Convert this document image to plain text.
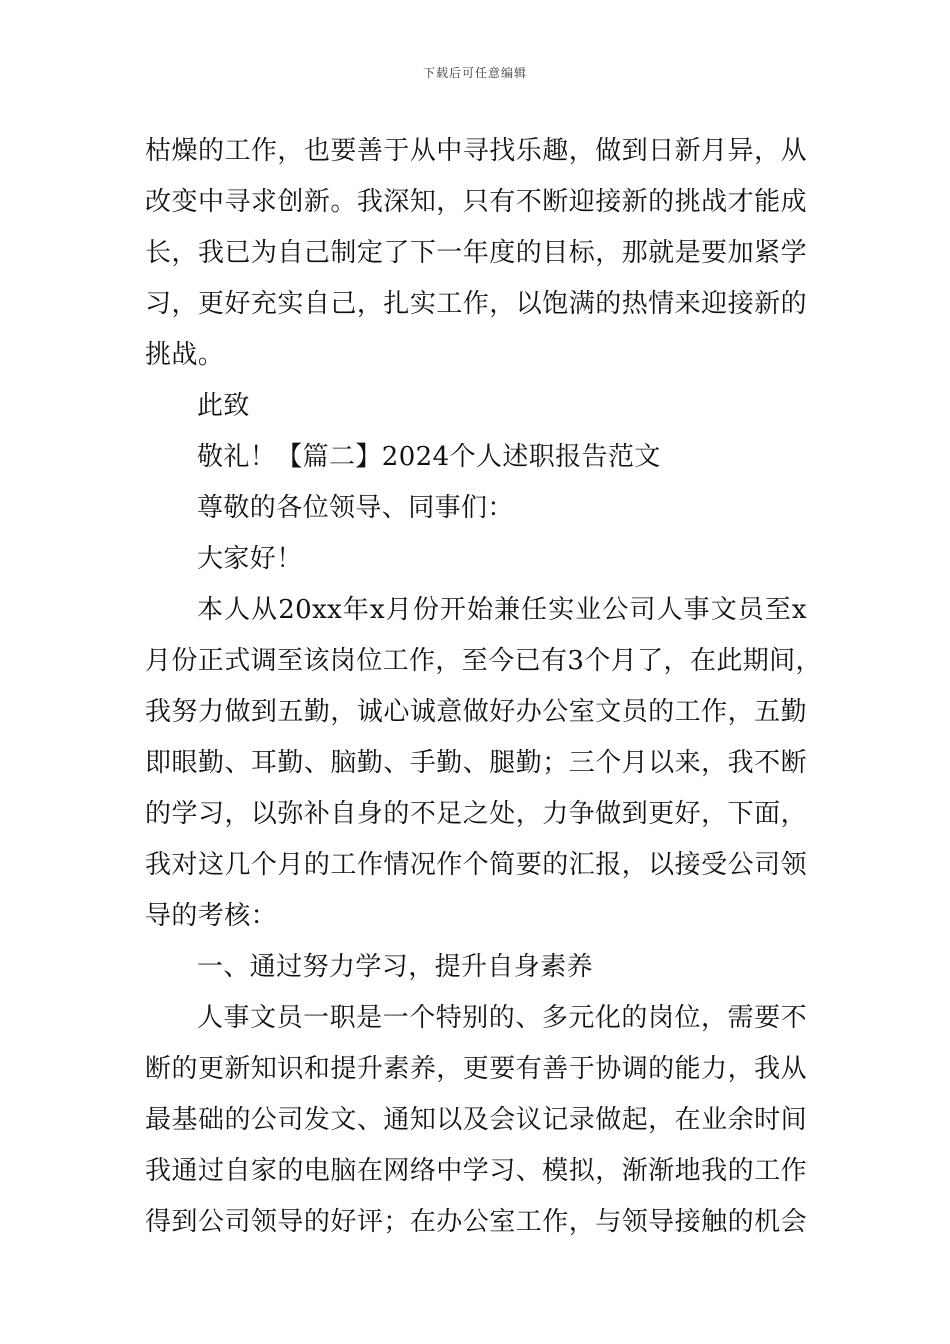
下载后可任意编辑
枯燥的工作，也要善于从中寻找乐趣，做到日新月异，从
改变中寻求创新。我深知，只有不断迎接新的挑战才能成
长，我已为自己制定了下一年度的目标，那就是要加紧学
习，更好充实自己，扎实工作，以饱满的热情来迎接新的
挑战。
此致
敬礼！【篇二】2024个人述职报告范文
尊敬的各位领导、同事们：
大家好！
本人从20xx年x月份开始兼任实业公司人事文员至x
月份正式调至该岗位工作，至今已有3个月了，在此期间，
我努力做到五勤，诚心诚意做好办公室文员的工作，五勤
即眼勤、耳勤、脑勤、手勤、腿勤；三个月以来，我不断
的学习，以弥补自身的不足之处，力争做到更好，下面，
我对这几个月的工作情况作个简要的汇报，以接受公司领
导的考核：
一、通过努力学习，提升自身素养
人事文员一职是一个特别的、多元化的岗位，需要不
断的更新知识和提升素养，更要有善于协调的能力，我从
最基础的公司发文、通知以及会议记录做起，在业余时间
我通过自家的电脑在网络中学习、模拟，渐渐地我的工作
得到公司领导的好评；在办公室工作，与领导接触的机会
